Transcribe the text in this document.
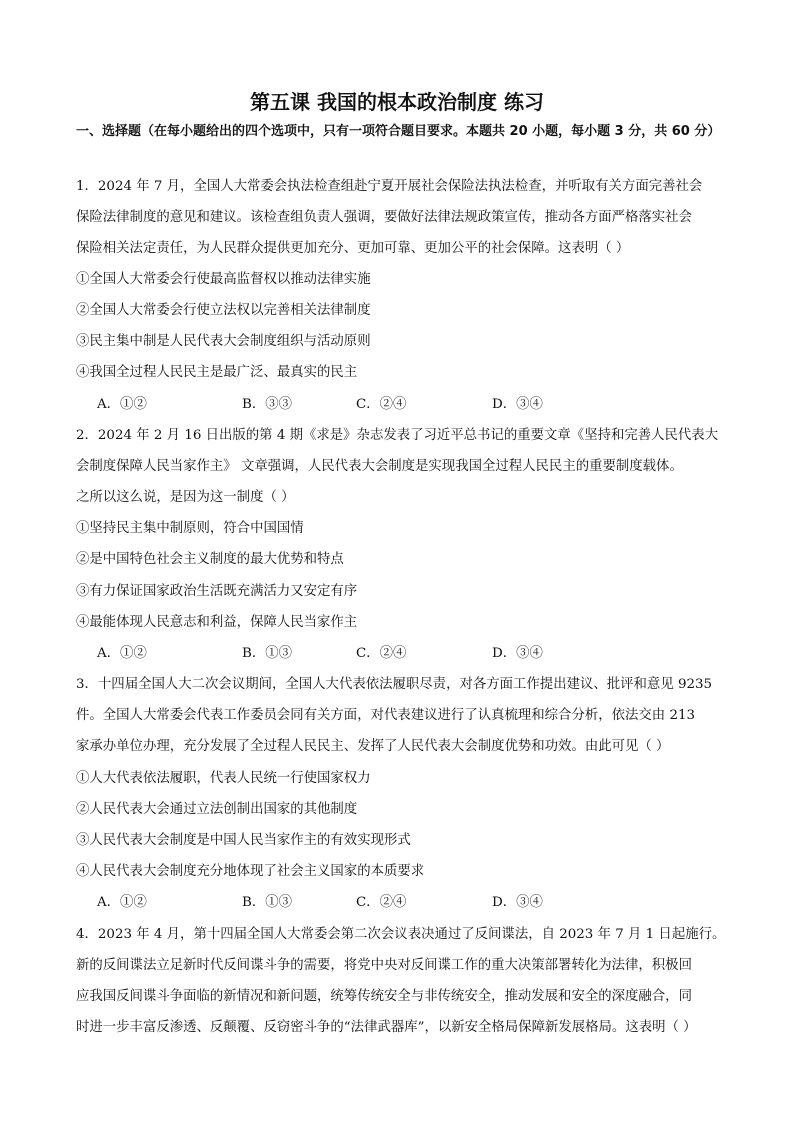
第五课 我国的根本政治制度 练习
一、选择题（在每小题给出的四个选项中，只有一项符合题目要求。本题共 20 小题，每小题 3 分，共 60 分）
1．2024 年 7 月，全国人大常委会执法检查组赴宁夏开展社会保险法执法检查，并听取有关方面完善社会
保险法律制度的意见和建议。该检查组负责人强调，要做好法律法规政策宣传，推动各方面严格落实社会
保险相关法定责任，为人民群众提供更加充分、更加可靠、更加公平的社会保障。这表明（ ）
①全国人大常委会行使最高监督权以推动法律实施
②全国人大常委会行使立法权以完善相关法律制度
③民主集中制是人民代表大会制度组织与活动原则
④我国全过程人民民主是最广泛、最真实的民主
A．①②	B．③③	C．②④	D．③④
2．2024 年 2 月 16 日出版的第 4 期《求是》杂志发表了习近平总书记的重要文章《坚持和完善人民代表大
会制度保障人民当家作主》 文章强调，人民代表大会制度是实现我国全过程人民民主的重要制度载体。
之所以这么说，是因为这一制度（ ）
①坚持民主集中制原则，符合中国国情
②是中国特色社会主义制度的最大优势和特点
③有力保证国家政治生活既充满活力又安定有序
④最能体现人民意志和利益，保障人民当家作主
A．①②	B．①③	C．②④	D．③④
3．十四届全国人大二次会议期间，全国人大代表依法履职尽责，对各方面工作提出建议、批评和意见 9235
件。全国人大常委会代表工作委员会同有关方面，对代表建议进行了认真梳理和综合分析，依法交由 213
家承办单位办理，充分发展了全过程人民民主、发挥了人民代表大会制度优势和功效。由此可见（ ）
①人大代表依法履职，代表人民统一行使国家权力
②人民代表大会通过立法创制出国家的其他制度
③人民代表大会制度是中国人民当家作主的有效实现形式
④人民代表大会制度充分地体现了社会主义国家的本质要求
A．①②	B．①③	C．②④	D．③④
4．2023 年 4 月，第十四届全国人大常委会第二次会议表决通过了反间谍法，自 2023 年 7 月 1 日起施行。
新的反间谍法立足新时代反间谍斗争的需要，将党中央对反间谍工作的重大决策部署转化为法律，积极回
应我国反间谍斗争面临的新情况和新问题，统筹传统安全与非传统安全，推动发展和安全的深度融合，同
时进一步丰富反渗透、反颠覆、反窃密斗争的“法律武器库”，以新安全格局保障新发展格局。这表明（ ）
